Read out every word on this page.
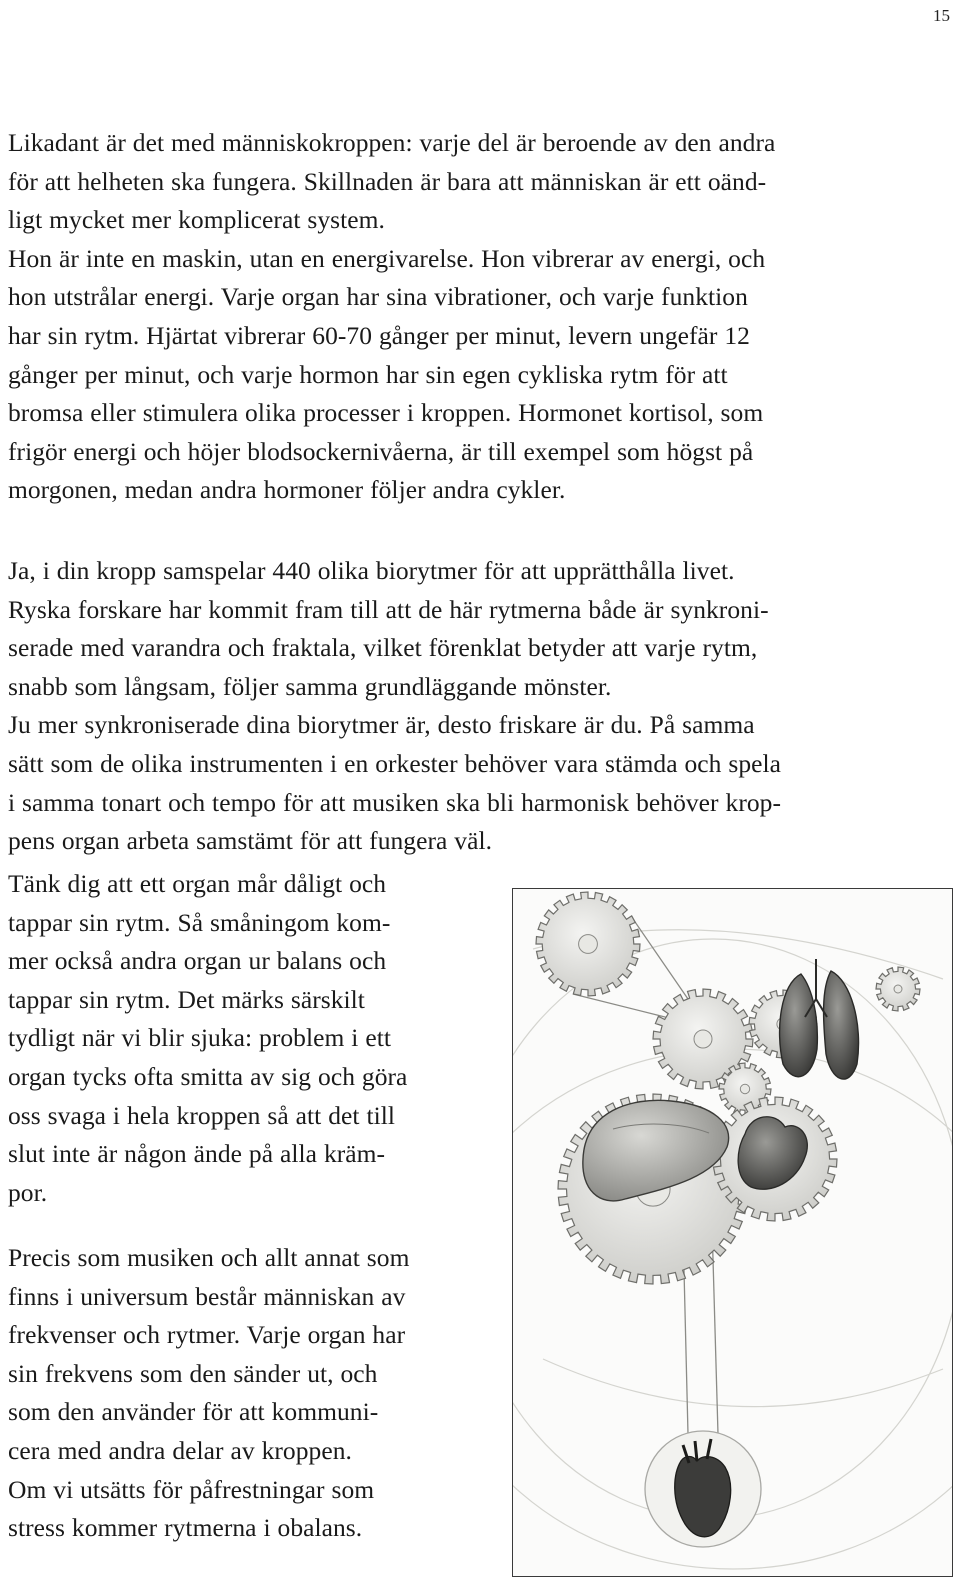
15
Likadant är det med människokroppen: varje del är beroende av den andra
för att helheten ska fungera. Skillnaden är bara att människan är ett oänd-
ligt mycket mer komplicerat system.
Hon är inte en maskin, utan en energivarelse. Hon vibrerar av energi, och
hon utstrålar energi. Varje organ har sina vibrationer, och varje funktion
har sin rytm. Hjärtat vibrerar 60-70 gånger per minut, levern ungefär 12
gånger per minut, och varje hormon har sin egen cykliska rytm för att
bromsa eller stimulera olika processer i kroppen. Hormonet kortisol, som
frigör energi och höjer blodsockernivåerna, är till exempel som högst på
morgonen, medan andra hormoner följer andra cykler.
Ja, i din kropp samspelar 440 olika biorytmer för att upprätthålla livet.
Ryska forskare har kommit fram till att de här rytmerna både är synkroni-
serade med varandra och fraktala, vilket förenklat betyder att varje rytm,
snabb som långsam, följer samma grundläggande mönster.
Ju mer synkroniserade dina biorytmer är, desto friskare är du. På samma
sätt som de olika instrumenten i en orkester behöver vara stämda och spela
i samma tonart och tempo för att musiken ska bli harmonisk behöver krop-
pens organ arbeta samstämt för att fungera väl.
Tänk dig att ett organ mår dåligt och
tappar sin rytm. Så småningom kom-
mer också andra organ ur balans och
tappar sin rytm. Det märks särskilt
tydligt när vi blir sjuka: problem i ett
organ tycks ofta smitta av sig och göra
oss svaga i hela kroppen så att det till
slut inte är någon ände på alla kräm-
por.
Precis som musiken och allt annat som
finns i universum består människan av
frekvenser och rytmer. Varje organ har
sin frekvens som den sänder ut, och
som den använder för att kommuni-
cera med andra delar av kroppen.
Om vi utsätts för påfrestningar som
stress kommer rytmerna i obalans.
